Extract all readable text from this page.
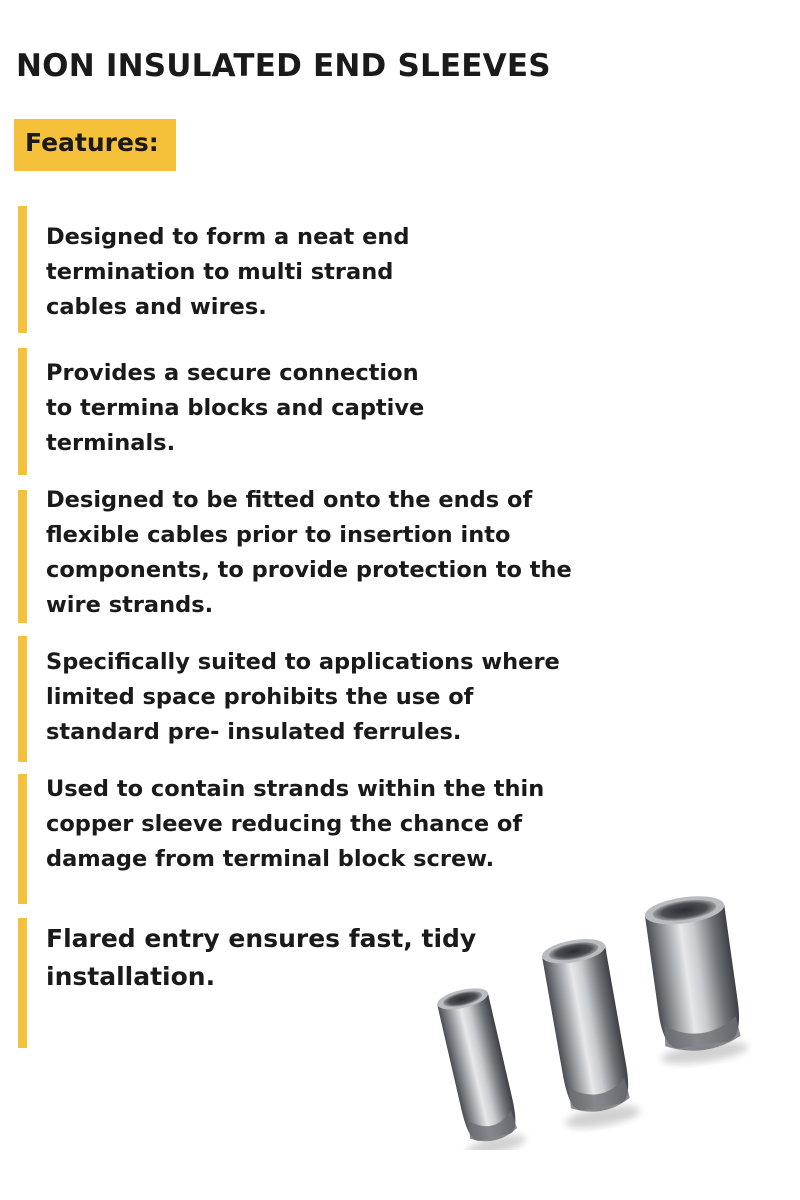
NON INSULATED END SLEEVES
Features:
Designed to form a neat end
termination to multi strand
cables and wires.
Provides a secure connection
to termina blocks and captive
terminals.
Designed to be fitted onto the ends of
flexible cables prior to insertion into
components, to provide protection to the
wire strands.
Specifically suited to applications where
limited space prohibits the use of
standard pre- insulated ferrules.
Used to contain strands within the thin
copper sleeve reducing the chance of
damage from terminal block screw.
Flared entry ensures fast, tidy
installation.
